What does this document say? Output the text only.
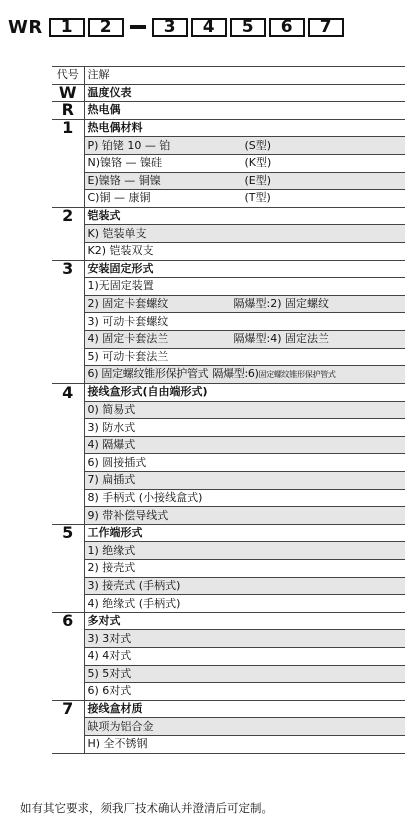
WR	1	2	3	4	5	6	7
代号	注解
W	温度仪表
R	热电偶
1	热电偶材料
	P) 铂铑 10 — 铂 (S型)

	N)镍铬 — 镍硅 (K型)

	E)镍铬 — 铜镍 (E型)

	C)铜 — 康铜 (T型)

2	铠装式
	K) 铠装单支
	K2) 铠装双支
3	安装固定形式
	1)无固定装置
	2) 固定卡套螺纹 隔爆型:2) 固定螺纹

	3) 可动卡套螺纹
	4) 固定卡套法兰 隔爆型:4) 固定法兰

	5) 可动卡套法兰
	6) 固定螺纹锥形保护管式 隔爆型:6)固定螺纹锥形保护管式
4	接线盒形式(自由端形式)
	0) 简易式
	3) 防水式
	4) 隔爆式
	6) 圆接插式
	7) 扁插式
	8) 手柄式 (小接线盒式)
	9) 带补偿导线式
5	工作端形式
	1) 绝缘式
	2) 接壳式
	3) 接壳式 (手柄式)
	4) 绝缘式 (手柄式)
6	多对式
	3) 3对式
	4) 4对式
	5) 5对式
	6) 6对式
7	接线盒材质
	缺项为铝合金
	H) 全不锈钢
如有其它要求，须我厂技术确认并澄清后可定制。
